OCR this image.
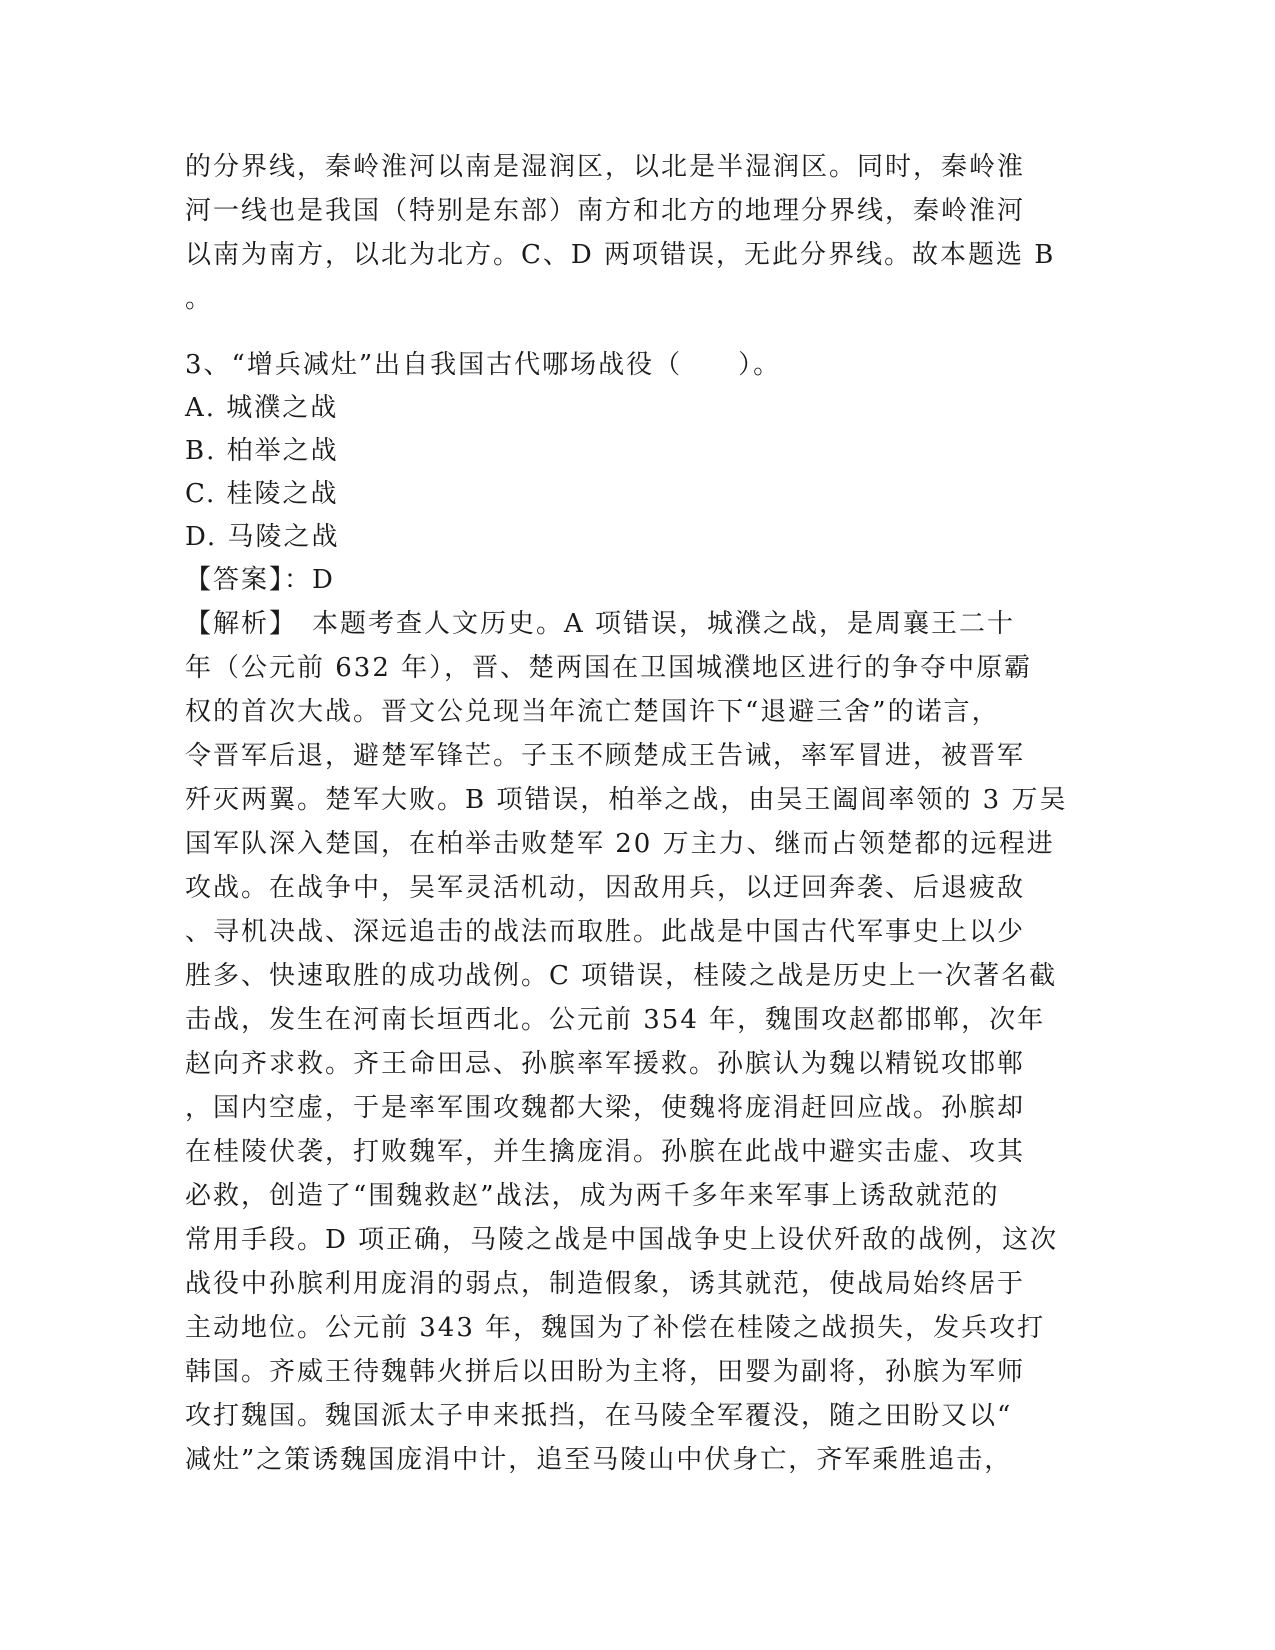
的分界线，秦岭淮河以南是湿润区，以北是半湿润区。同时，秦岭淮
河一线也是我国（特别是东部）南方和北方的地理分界线，秦岭淮河
以南为南方，以北为北方。C、D 两项错误，无此分界线。故本题选 B
。
3、“增兵减灶”出自我国古代哪场战役（　　）。
A. 城濮之战
B. 柏举之战
C. 桂陵之战
D. 马陵之战
【答案】：D
【解析】　本题考查人文历史。A 项错误，城濮之战，是周襄王二十
年（公元前 632 年），晋、楚两国在卫国城濮地区进行的争夺中原霸
权的首次大战。晋文公兑现当年流亡楚国许下“退避三舍”的诺言，
令晋军后退，避楚军锋芒。子玉不顾楚成王告诫，率军冒进，被晋军
歼灭两翼。楚军大败。B 项错误，柏举之战，由吴王阖闾率领的 3 万吴
国军队深入楚国，在柏举击败楚军 20 万主力、继而占领楚都的远程进
攻战。在战争中，吴军灵活机动，因敌用兵，以迂回奔袭、后退疲敌
、寻机决战、深远追击的战法而取胜。此战是中国古代军事史上以少
胜多、快速取胜的成功战例。C 项错误，桂陵之战是历史上一次著名截
击战，发生在河南长垣西北。公元前 354 年，魏围攻赵都邯郸，次年
赵向齐求救。齐王命田忌、孙膑率军援救。孙膑认为魏以精锐攻邯郸
，国内空虚，于是率军围攻魏都大梁，使魏将庞涓赶回应战。孙膑却
在桂陵伏袭，打败魏军，并生擒庞涓。孙膑在此战中避实击虚、攻其
必救，创造了“围魏救赵”战法，成为两千多年来军事上诱敌就范的
常用手段。D 项正确，马陵之战是中国战争史上设伏歼敌的战例，这次
战役中孙膑利用庞涓的弱点，制造假象，诱其就范，使战局始终居于
主动地位。公元前 343 年，魏国为了补偿在桂陵之战损失，发兵攻打
韩国。齐威王待魏韩火拼后以田盼为主将，田婴为副将，孙膑为军师
攻打魏国。魏国派太子申来抵挡，在马陵全军覆没，随之田盼又以“
减灶”之策诱魏国庞涓中计，追至马陵山中伏身亡，齐军乘胜追击，
